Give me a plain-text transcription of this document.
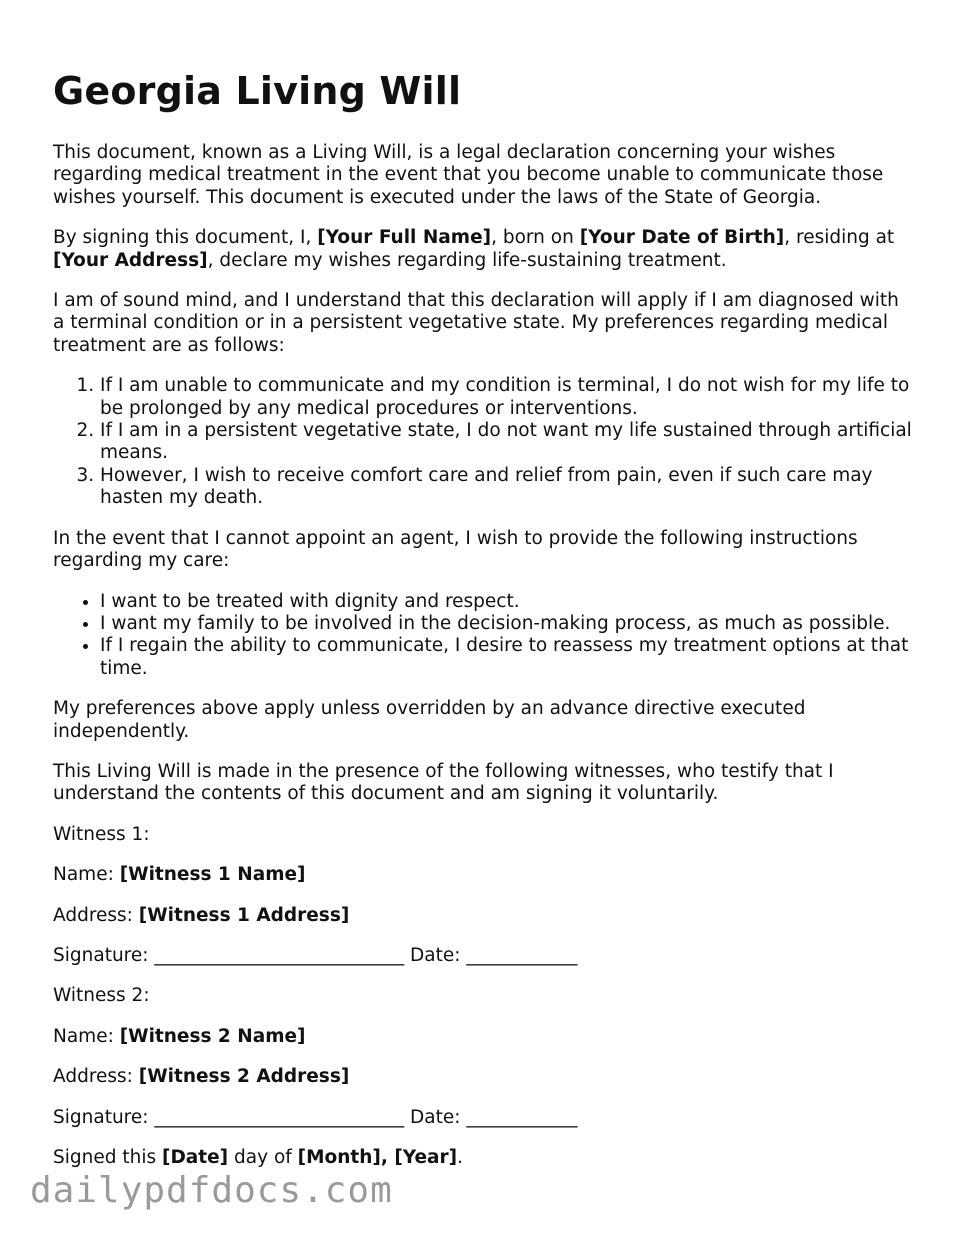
Georgia Living Will

This document, known as a Living Will, is a legal declaration concerning your wishes regarding medical treatment in the event that you become unable to communicate those wishes yourself. This document is executed under the laws of the State of Georgia.

By signing this document, I, [Your Full Name], born on [Your Date of Birth], residing at [Your Address], declare my wishes regarding life-sustaining treatment.

I am of sound mind, and I understand that this declaration will apply if I am diagnosed with a terminal condition or in a persistent vegetative state. My preferences regarding medical treatment are as follows:

1. If I am unable to communicate and my condition is terminal, I do not wish for my life to be prolonged by any medical procedures or interventions.
2. If I am in a persistent vegetative state, I do not want my life sustained through artificial means.
3. However, I wish to receive comfort care and relief from pain, even if such care may hasten my death.

In the event that I cannot appoint an agent, I wish to provide the following instructions regarding my care:

• I want to be treated with dignity and respect.
• I want my family to be involved in the decision-making process, as much as possible.
• If I regain the ability to communicate, I desire to reassess my treatment options at that time.

My preferences above apply unless overridden by an advance directive executed independently.

This Living Will is made in the presence of the following witnesses, who testify that I understand the contents of this document and am signing it voluntarily.

Witness 1:

Name: [Witness 1 Name]

Address: [Witness 1 Address]

Signature: ___________________________ Date: ____________

Witness 2:

Name: [Witness 2 Name]

Address: [Witness 2 Address]

Signature: ___________________________ Date: ____________

Signed this [Date] day of [Month], [Year].

dailypdfdocs.com
